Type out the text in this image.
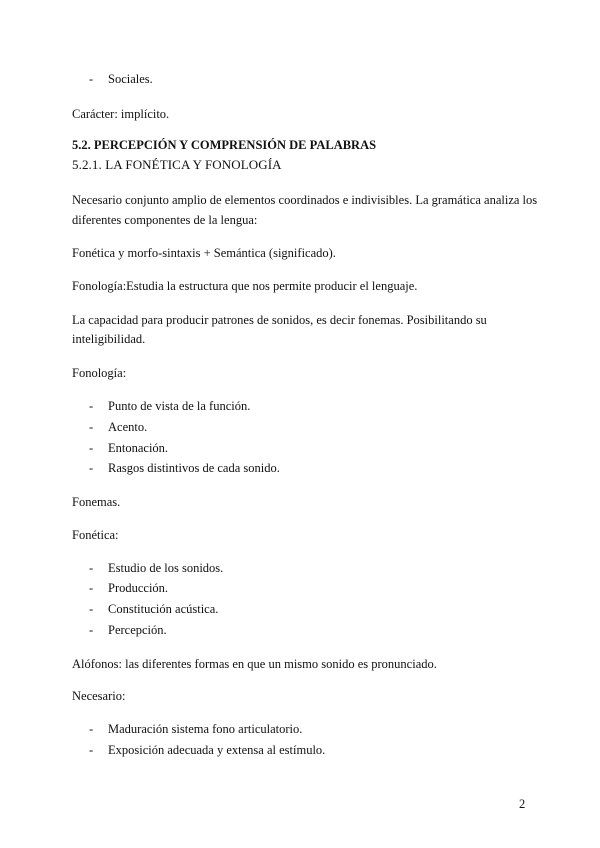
- Sociales.
Carácter: implícito.
5.2. PERCEPCIÓN Y COMPRENSIÓN DE PALABRAS
5.2.1. LA FONÉTICA Y FONOLOGÍA
Necesario conjunto amplio de elementos coordinados e indivisibles. La gramática analiza los
diferentes componentes de la lengua:
Fonética y morfo-sintaxis + Semántica (significado).
Fonología:Estudia la estructura que nos permite producir el lenguaje.
La capacidad para producir patrones de sonidos, es decir fonemas. Posibilitando su
inteligibilidad.
Fonología:
- Punto de vista de la función.
- Acento.
- Entonación.
- Rasgos distintivos de cada sonido.
Fonemas.
Fonética:
- Estudio de los sonidos.
- Producción.
- Constitución acústica.
- Percepción.
Alófonos: las diferentes formas en que un mismo sonido es pronunciado.
Necesario:
- Maduración sistema fono articulatorio.
- Exposición adecuada y extensa al estímulo.
2
